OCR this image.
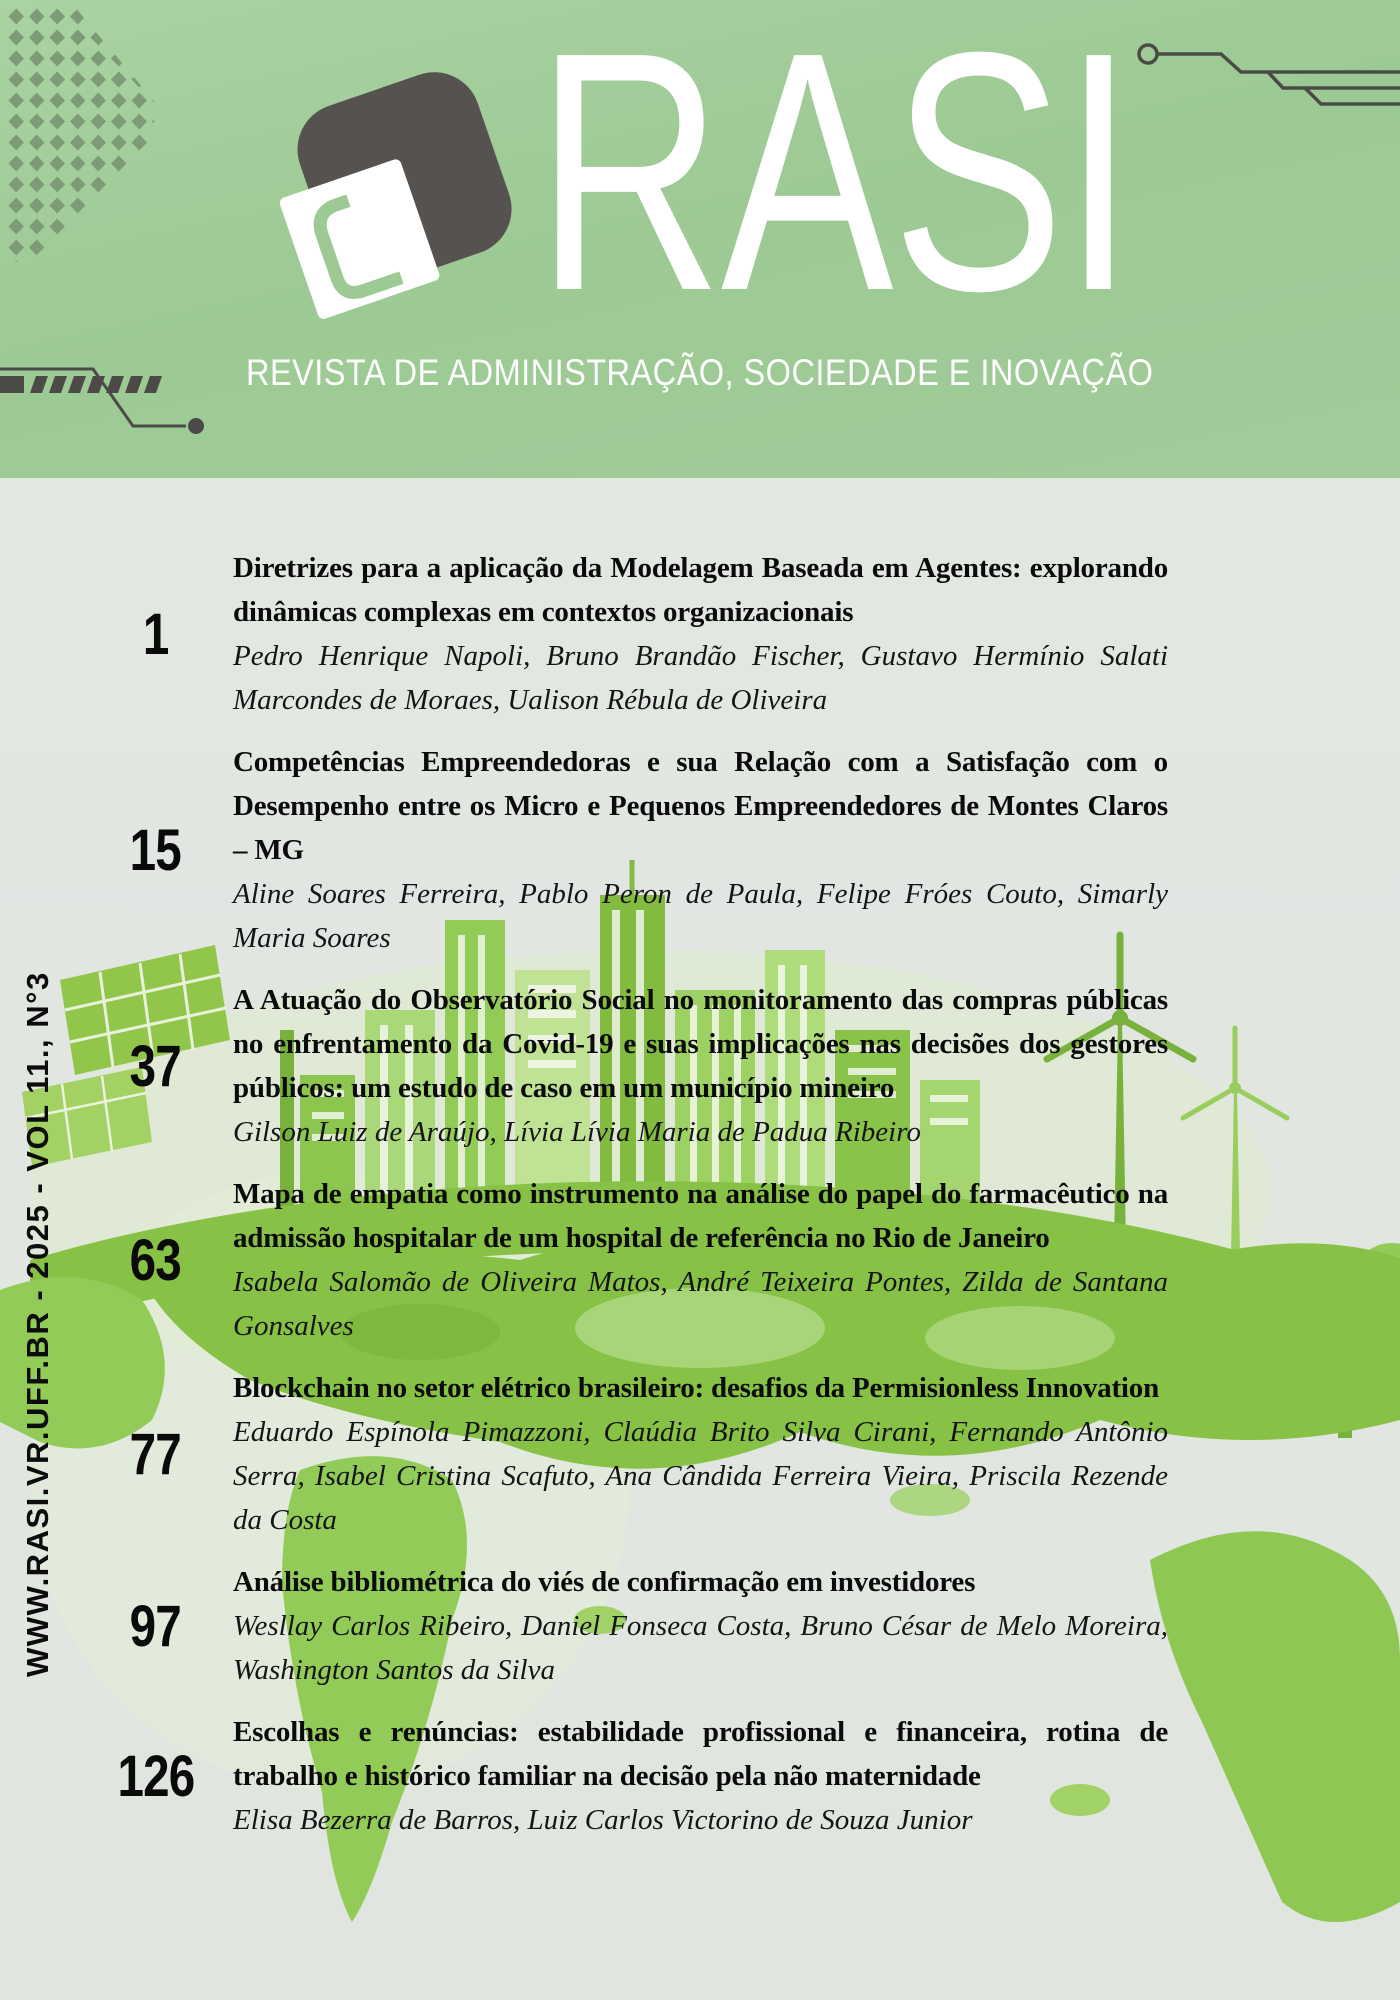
RASI

REVISTA DE ADMINISTRAÇÃO, SOCIEDADE E INOVAÇÃO

WWW.RASI.VR.UFF.BR - 2025 - VOL 11., N°3
1
Diretrizes para a aplicação da Modelagem Baseada em Agentes: explorando dinâmicas complexas em contextos organizacionais

Pedro Henrique Napoli, Bruno Brandão Fischer, Gustavo Hermínio Salati Marcondes de Moraes, Ualison Rébula de Oliveira

15
Competências Empreendedoras e sua Relação com a Satisfação com o Desempenho entre os Micro e Pequenos Empreendedores de Montes Claros – MG

Aline Soares Ferreira, Pablo Peron de Paula, Felipe Fróes Couto, Simarly Maria Soares

37
A Atuação do Observatório Social no monitoramento das compras públicas no enfrentamento da Covid-19 e suas implicações nas decisões dos gestores públicos: um estudo de caso em um município mineiro

Gilson Luiz de Araújo, Lívia Lívia Maria de Padua Ribeiro

63
Mapa de empatia como instrumento na análise do papel do farmacêutico na admissão hospitalar de um hospital de referência no Rio de Janeiro

Isabela Salomão de Oliveira Matos, André Teixeira Pontes, Zilda de Santana Gonsalves

77
Blockchain no setor elétrico brasileiro: desafios da Permisionless Innovation

Eduardo Espínola Pimazzoni, Claúdia Brito Silva Cirani, Fernando Antônio Serra, Isabel Cristina Scafuto, Ana Cândida Ferreira Vieira, Priscila Rezende da Costa

97
Análise bibliométrica do viés de confirmação em investidores

Wesllay Carlos Ribeiro, Daniel Fonseca Costa, Bruno César de Melo Moreira, Washington Santos da Silva

126
Escolhas e renúncias: estabilidade profissional e financeira, rotina de trabalho e histórico familiar na decisão pela não maternidade

Elisa Bezerra de Barros, Luiz Carlos Victorino de Souza Junior
